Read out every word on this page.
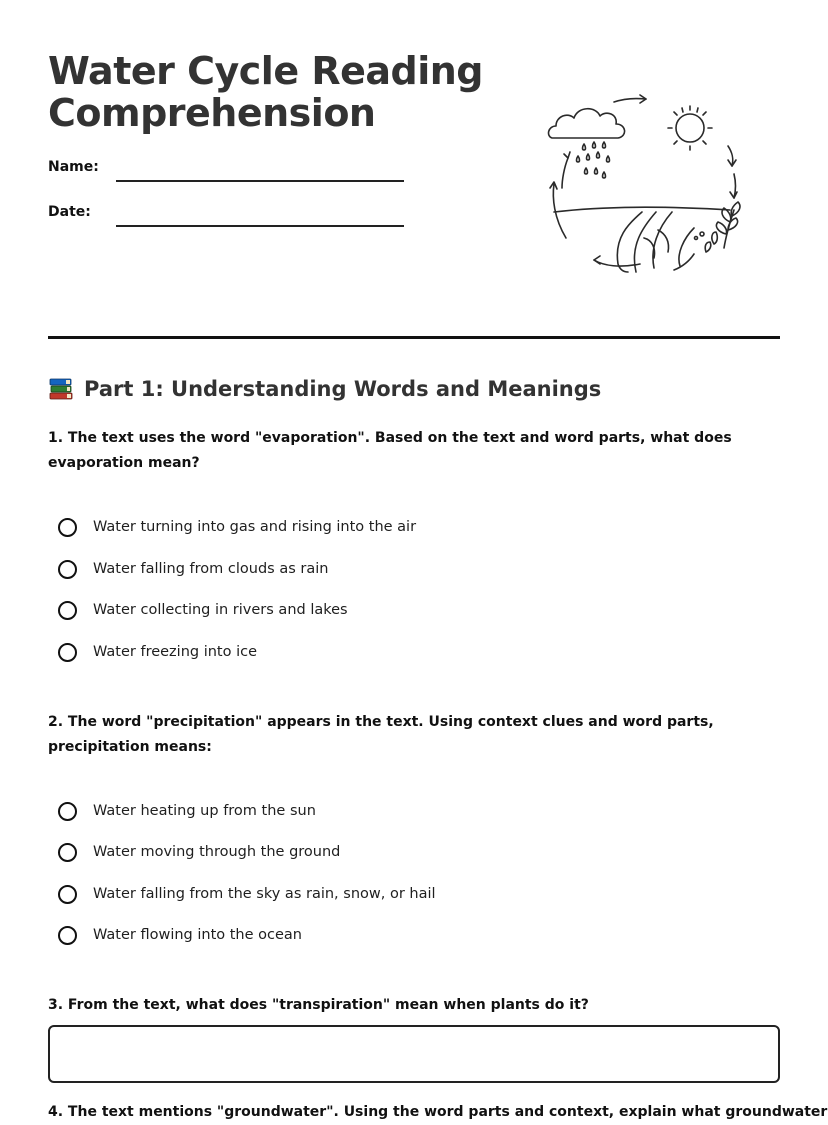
Water Cycle Reading Comprehension
Name:
Date:
Part 1: Understanding Words and Meanings

1. The text uses the word "evaporation". Based on the text and word parts, what does evaporation mean?

Water turning into gas and rising into the air
Water falling from clouds as rain
Water collecting in rivers and lakes
Water freezing into ice

2. The word "precipitation" appears in the text. Using context clues and word parts, precipitation means:

Water heating up from the sun
Water moving through the ground
Water falling from the sky as rain, snow, or hail
Water flowing into the ocean

3. From the text, what does "transpiration" mean when plants do it?

4. The text mentions "groundwater". Using the word parts and context, explain what groundwater
